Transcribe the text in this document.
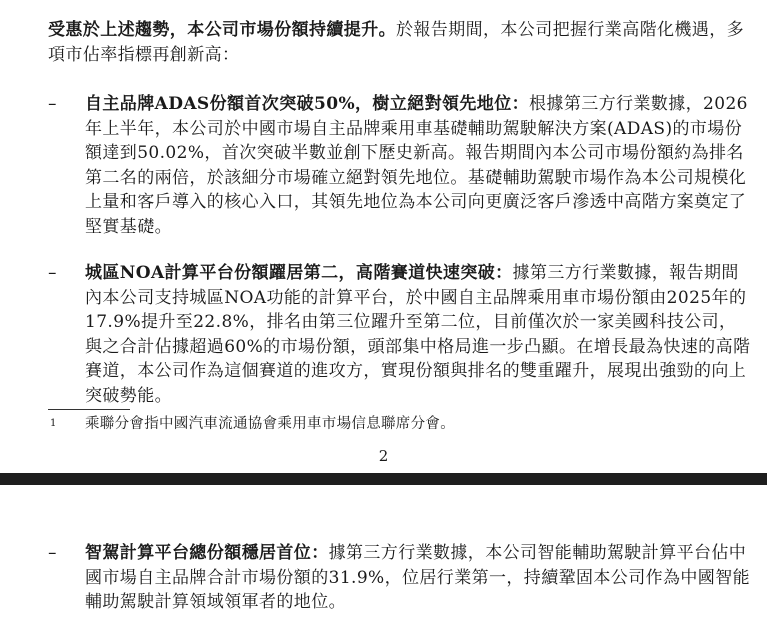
受惠於上述趨勢，本公司市場份額持續提升。於報告期間，本公司把握行業高階化機遇，多項市佔率指標再創新高：

– 自主品牌ADAS份額首次突破50%，樹立絕對領先地位：根據第三方行業數據，2026年上半年，本公司於中國市場自主品牌乘用車基礎輔助駕駛解決方案(ADAS)的市場份額達到50.02%，首次突破半數並創下歷史新高。報告期間內本公司市場份額約為排名第二名的兩倍，於該細分市場確立絕對領先地位。基礎輔助駕駛市場作為本公司規模化上量和客戶導入的核心入口，其領先地位為本公司向更廣泛客戶滲透中高階方案奠定了堅實基礎。

– 城區NOA計算平台份額躍居第二，高階賽道快速突破：據第三方行業數據，報告期間內本公司支持城區NOA功能的計算平台，於中國自主品牌乘用車市場份額由2025年的17.9%提升至22.8%，排名由第三位躍升至第二位，目前僅次於一家美國科技公司，與之合計佔據超過60%的市場份額，頭部集中格局進一步凸顯。在增長最為快速的高階賽道，本公司作為這個賽道的進攻方，實現份額與排名的雙重躍升，展現出強勁的向上突破勢能。

1 乘聯分會指中國汽車流通協會乘用車市場信息聯席分會。
2
– 智駕計算平台總份額穩居首位：據第三方行業數據，本公司智能輔助駕駛計算平台佔中國市場自主品牌合計市場份額的31.9%，位居行業第一，持續鞏固本公司作為中國智能輔助駕駛計算領域領軍者的地位。
